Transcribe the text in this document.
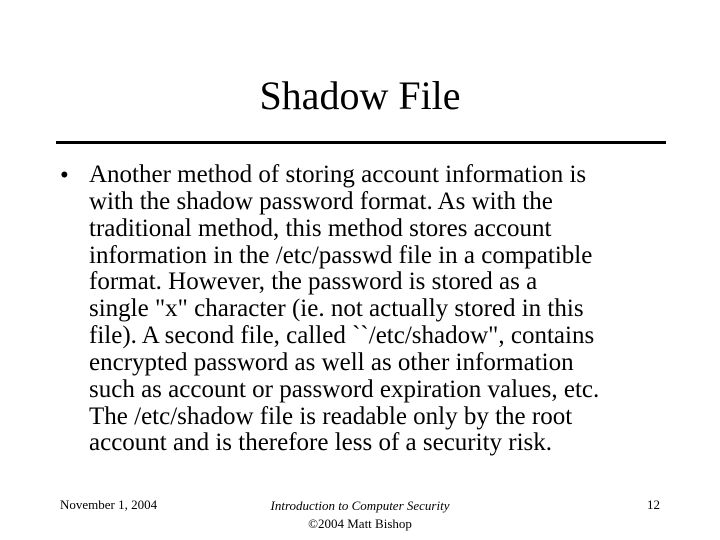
Shadow File
• Another method of storing account information is
with the shadow password format. As with the
traditional method, this method stores account
information in the /etc/passwd file in a compatible
format. However, the password is stored as a
single "x" character (ie. not actually stored in this
file). A second file, called ``/etc/shadow", contains
encrypted password as well as other information
such as account or password expiration values, etc.
The /etc/shadow file is readable only by the root
account and is therefore less of a security risk.
November 1, 2004	Introduction to Computer Security
©2004 Matt Bishop
12
